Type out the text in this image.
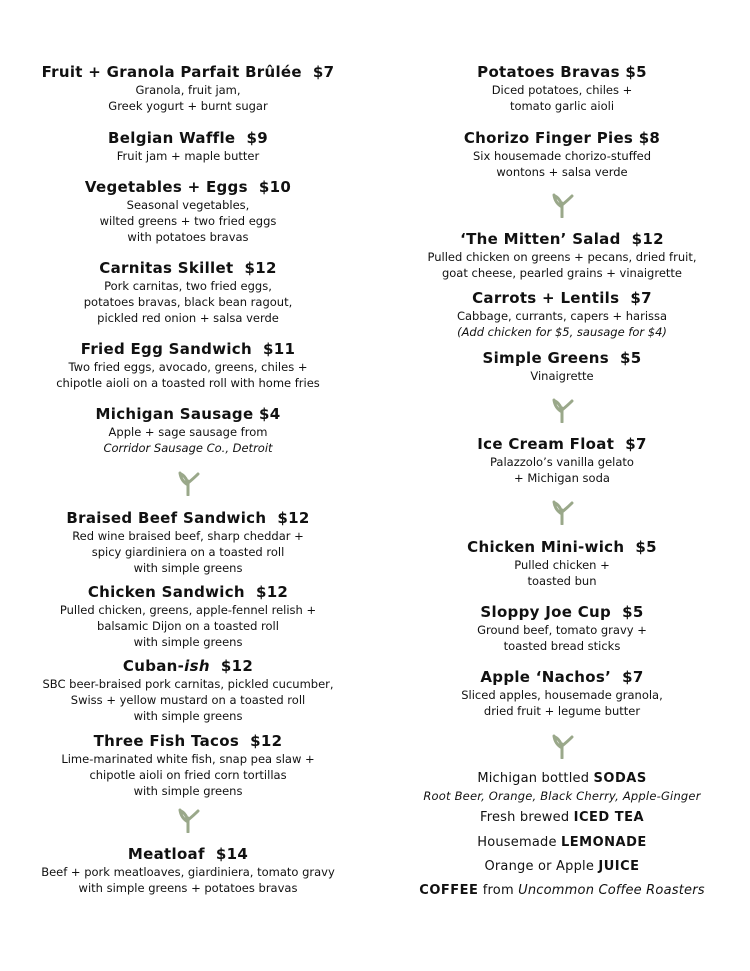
Fruit + Granola Parfait Brûlée $7
Granola, fruit jam,
Greek yogurt + burnt sugar
Belgian Waffle $9
Fruit jam + maple butter
Vegetables + Eggs $10
Seasonal vegetables,
wilted greens + two fried eggs
with potatoes bravas
Carnitas Skillet $12
Pork carnitas, two fried eggs,
potatoes bravas, black bean ragout,
pickled red onion + salsa verde
Fried Egg Sandwich $11
Two fried eggs, avocado, greens, chiles +
chipotle aioli on a toasted roll with home fries
Michigan Sausage $4
Apple + sage sausage from
Corridor Sausage Co., Detroit
Braised Beef Sandwich $12
Red wine braised beef, sharp cheddar +
spicy giardiniera on a toasted roll
with simple greens
Chicken Sandwich $12
Pulled chicken, greens, apple-fennel relish +
balsamic Dijon on a toasted roll
with simple greens
Cuban-ish $12
SBC beer-braised pork carnitas, pickled cucumber,
Swiss + yellow mustard on a toasted roll
with simple greens
Three Fish Tacos $12
Lime-marinated white fish, snap pea slaw +
chipotle aioli on fried corn tortillas
with simple greens
Meatloaf $14
Beef + pork meatloaves, giardiniera, tomato gravy
with simple greens + potatoes bravas
Potatoes Bravas $5
Diced potatoes, chiles +
tomato garlic aioli
Chorizo Finger Pies $8
Six housemade chorizo-stuffed
wontons + salsa verde
‘The Mitten’ Salad $12
Pulled chicken on greens + pecans, dried fruit,
goat cheese, pearled grains + vinaigrette
Carrots + Lentils $7
Cabbage, currants, capers + harissa
(Add chicken for $5, sausage for $4)
Simple Greens $5
Vinaigrette
Ice Cream Float $7
Palazzolo’s vanilla gelato
+ Michigan soda
Chicken Mini-wich $5
Pulled chicken +
toasted bun
Sloppy Joe Cup $5
Ground beef, tomato gravy +
toasted bread sticks
Apple ‘Nachos’ $7
Sliced apples, housemade granola,
dried fruit + legume butter
Michigan bottled SODAS
Root Beer, Orange, Black Cherry, Apple-Ginger
Fresh brewed ICED TEA
Housemade LEMONADE
Orange or Apple JUICE
COFFEE from Uncommon Coffee Roasters
